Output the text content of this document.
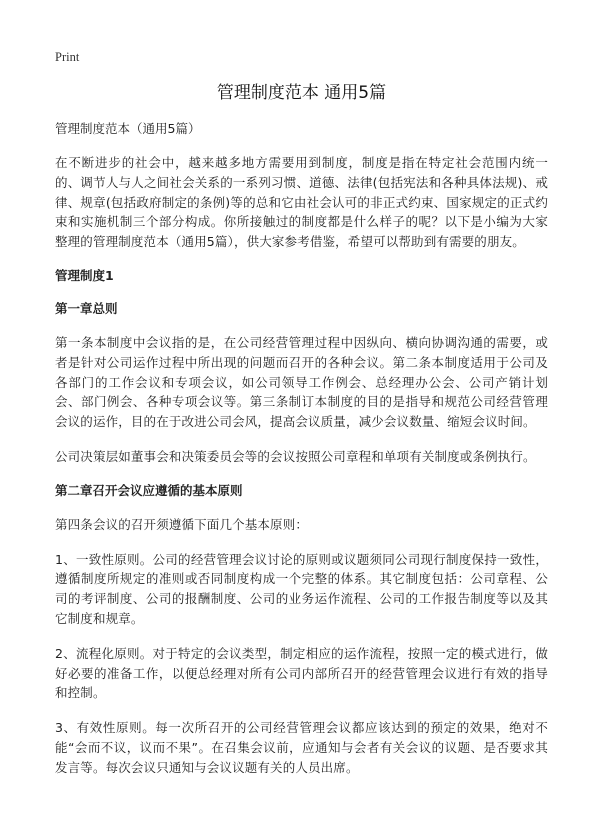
Print
管理制度范本 通用5篇
管理制度范本（通用5篇）

在不断进步的社会中，越来越多地方需要用到制度，制度是指在特定社会范围内统一的、调节人与人之间社会关系的一系列习惯、道德、法律(包括宪法和各种具体法规)、戒律、规章(包括政府制定的条例)等的总和它由社会认可的非正式约束、国家规定的正式约束和实施机制三个部分构成。你所接触过的制度都是什么样子的呢？以下是小编为大家整理的管理制度范本（通用5篇），供大家参考借鉴，希望可以帮助到有需要的朋友。

管理制度1
第一章总则

第一条本制度中会议指的是，在公司经营管理过程中因纵向、横向协调沟通的需要，或者是针对公司运作过程中所出现的问题而召开的各种会议。第二条本制度适用于公司及各部门的工作会议和专项会议，如公司领导工作例会、总经理办公会、公司产销计划会、部门例会、各种专项会议等。第三条制订本制度的目的是指导和规范公司经营管理会议的运作，目的在于改进公司会风，提高会议质量，减少会议数量、缩短会议时间。

公司决策层如董事会和决策委员会等的会议按照公司章程和单项有关制度或条例执行。

第二章召开会议应遵循的基本原则

第四条会议的召开须遵循下面几个基本原则：

1、一致性原则。公司的经营管理会议讨论的原则或议题须同公司现行制度保持一致性，遵循制度所规定的准则或否同制度构成一个完整的体系。其它制度包括：公司章程、公司的考评制度、公司的报酬制度、公司的业务运作流程、公司的工作报告制度等以及其它制度和规章。

2、流程化原则。对于特定的会议类型，制定相应的运作流程，按照一定的模式进行，做好必要的准备工作，以便总经理对所有公司内部所召开的经营管理会议进行有效的指导和控制。

3、有效性原则。每一次所召开的公司经营管理会议都应该达到的预定的效果，绝对不能“会而不议，议而不果”。在召集会议前，应通知与会者有关会议的议题、是否要求其发言等。每次会议只通知与会议议题有关的人员出席。
